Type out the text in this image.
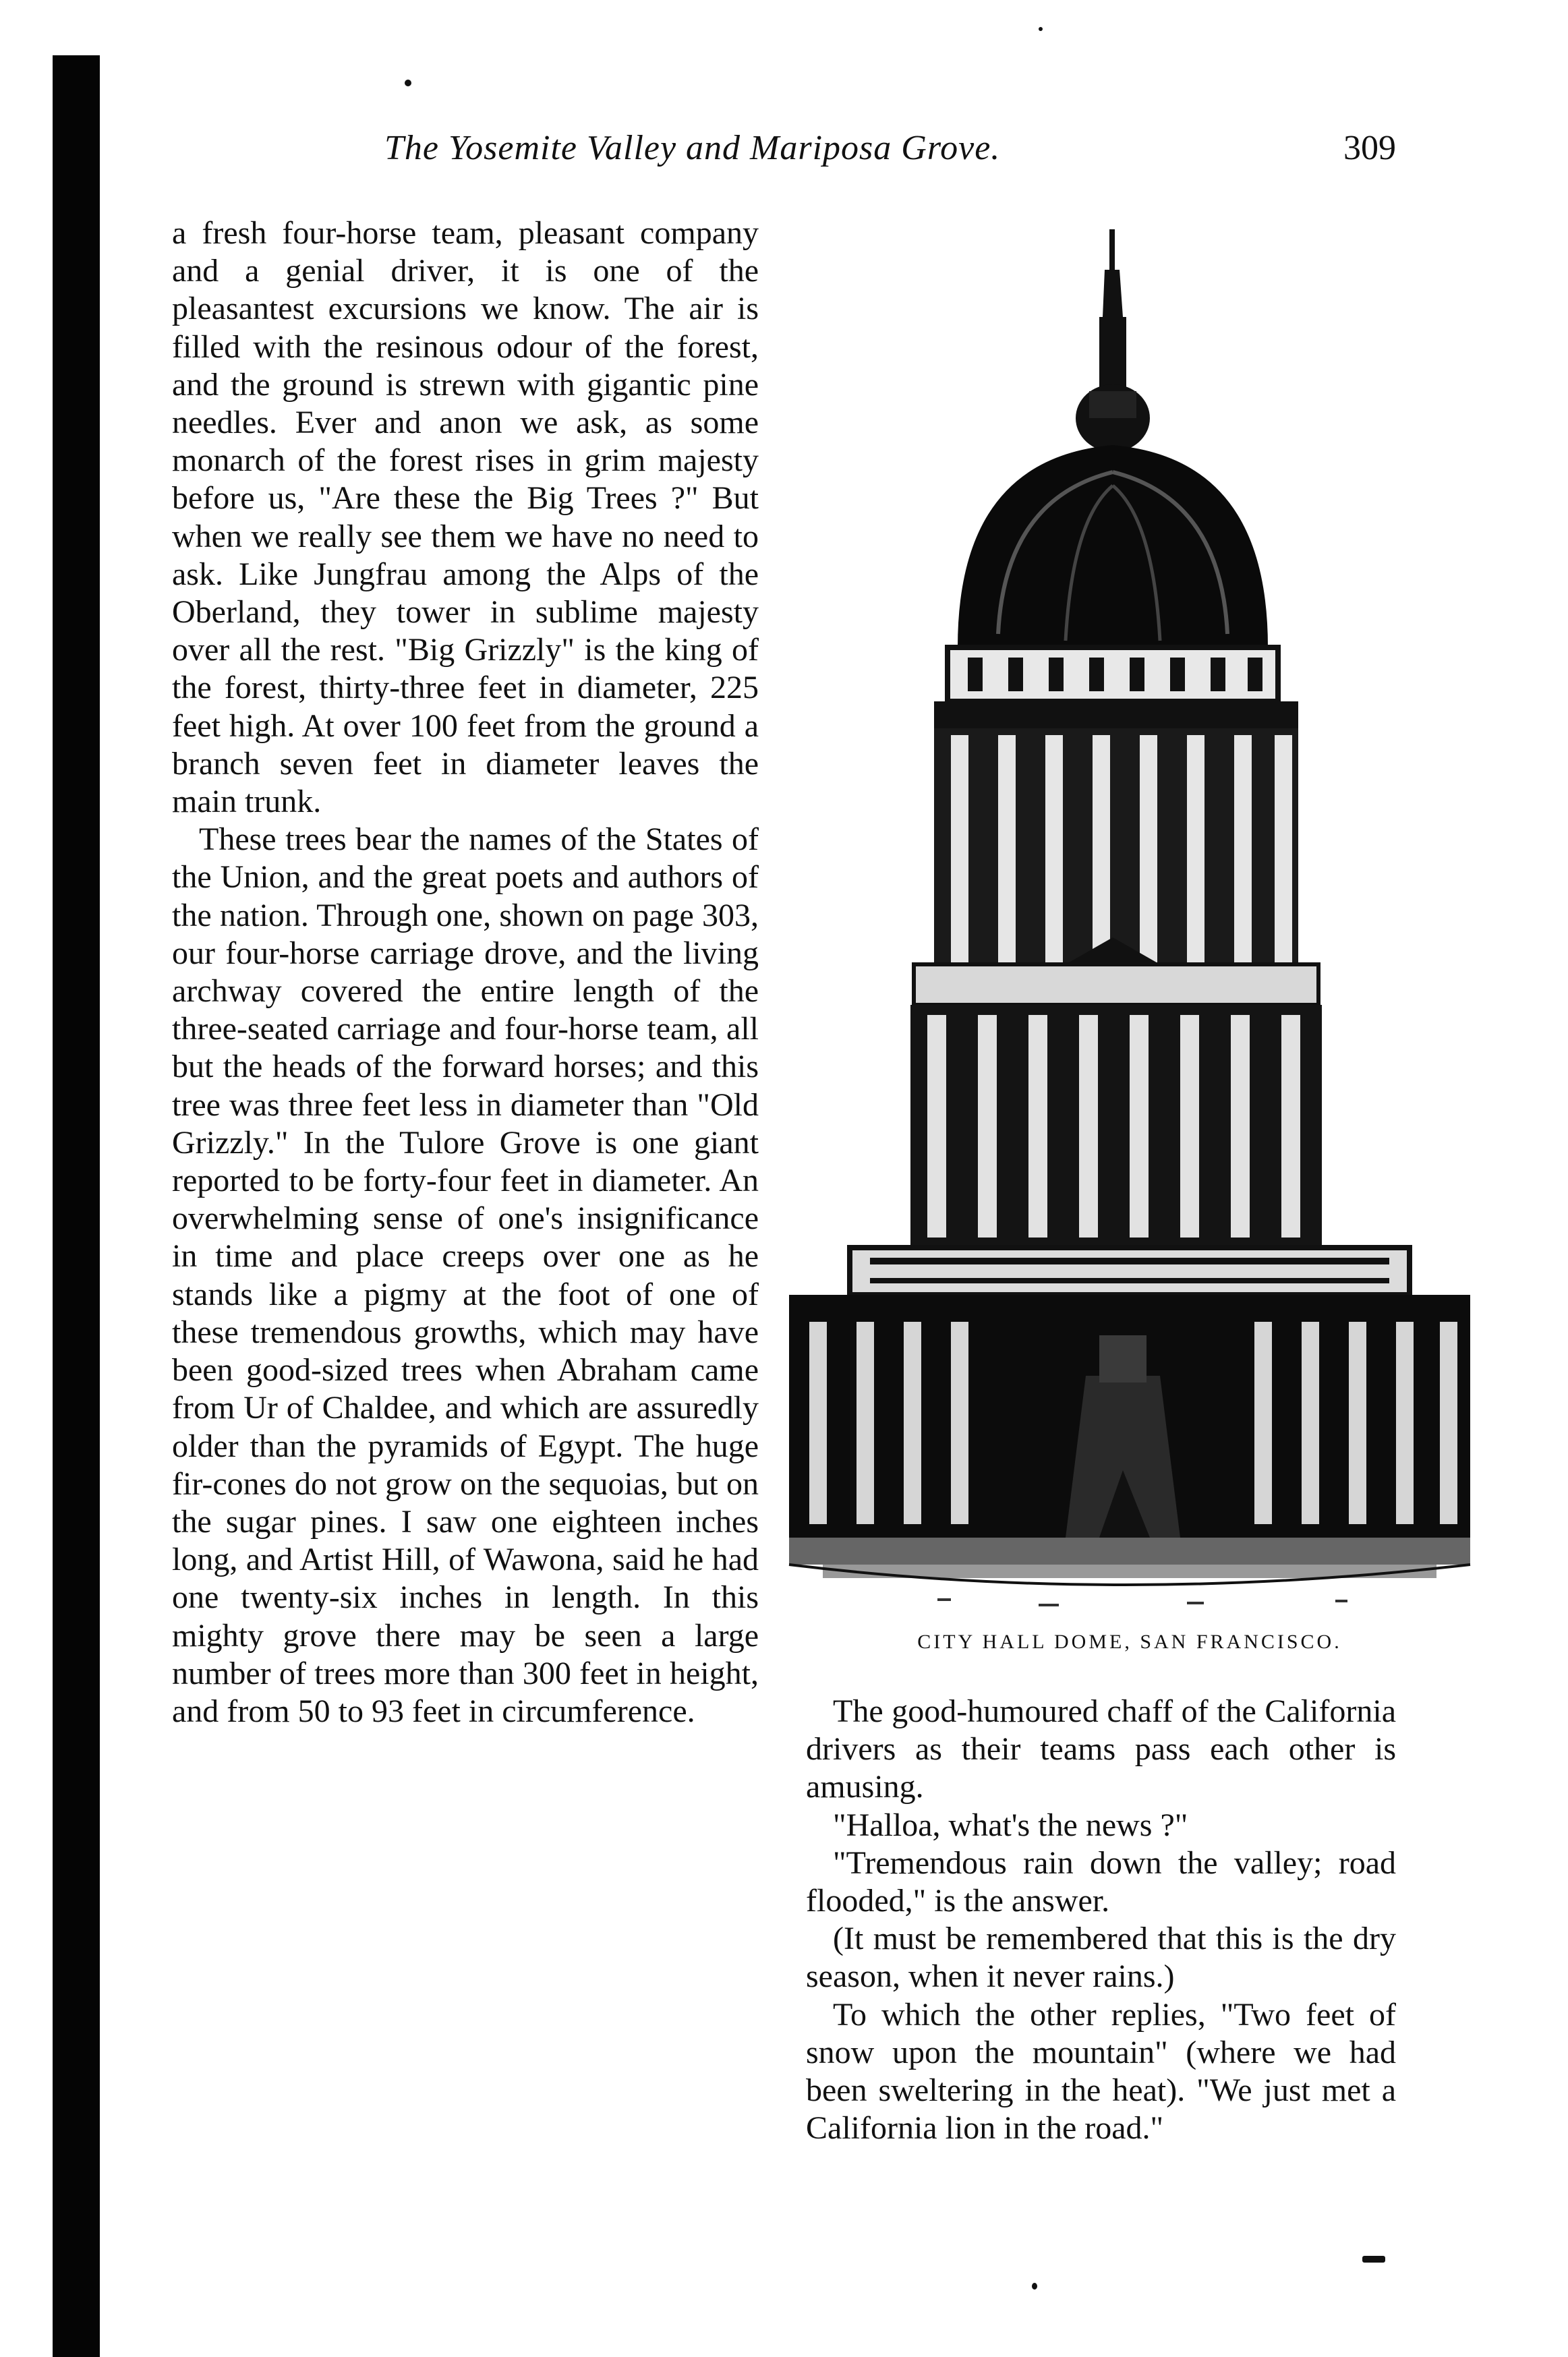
The Yosemite Valley and Mariposa Grove.	309

a fresh four-horse team, pleasant company and a genial driver, it is one of the pleasantest excursions we know. The air is filled with the resinous odour of the forest, and the ground is strewn with gigantic pine needles. Ever and anon we ask, as some monarch of the forest rises in grim majesty before us, "Are these the Big Trees ?" But when we really see them we have no need to ask. Like Jungfrau among the Alps of the Oberland, they tower in sublime majesty over all the rest. "Big Grizzly" is the king of the forest, thirty-three feet in diameter, 225 feet high. At over 100 feet from the ground a branch seven feet in diameter leaves the main trunk.

These trees bear the names of the States of the Union, and the great poets and authors of the nation. Through one, shown on page 303, our four-horse carriage drove, and the living archway covered the entire length of the three-seated carriage and four-horse team, all but the heads of the forward horses; and this tree was three feet less in diameter than "Old Grizzly." In the Tulore Grove is one giant reported to be forty-four feet in diameter. An overwhelming sense of one's insignificance in time and place creeps over one as he stands like a pigmy at the foot of one of these tremendous growths, which may have been good-sized trees when Abraham came from Ur of Chaldee, and which are assuredly older than the pyramids of Egypt. The huge fir-cones do not grow on the sequoias, but on the sugar pines. I saw one eighteen inches long, and Artist Hill, of Wawona, said he had one twenty-six inches in length. In this mighty grove there may be seen a large number of trees more than 300 feet in height, and from 50 to 93 feet in circumference.

CITY HALL DOME, SAN FRANCISCO.

The good-humoured chaff of the California drivers as their teams pass each other is amusing.

"Halloa, what's the news ?"

"Tremendous rain down the valley; road flooded," is the answer.

(It must be remembered that this is the dry season, when it never rains.)

To which the other replies, "Two feet of snow upon the mountain" (where we had been sweltering in the heat). "We just met a California lion in the road."
